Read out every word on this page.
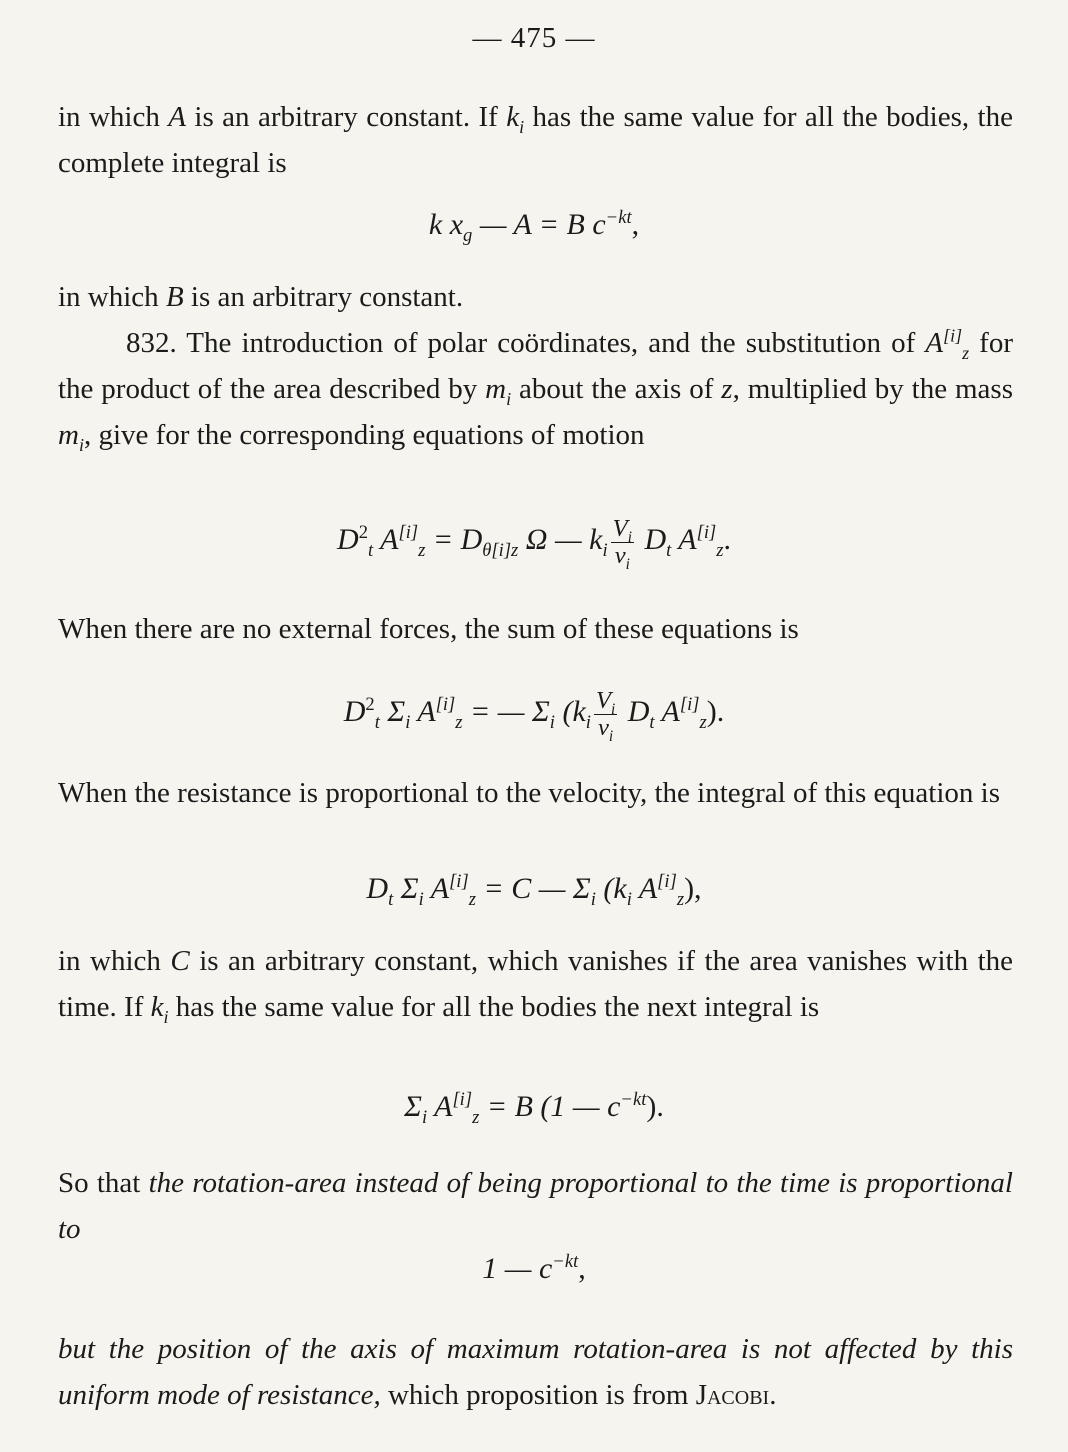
— 475 —
in which A is an arbitrary constant. If $k_i$ has the same value for all the bodies, the complete integral is
k $x_g$ — A = B $c^{-kt}$,
in which B is an arbitrary constant.
832. The introduction of polar coördinates, and the substitution of $A[i]_z$ for the product of the area described by $m_i$ about the axis of z, multiplied by the mass $m_i$, give for the corresponding equations of motion
$D^2_t$ $A[i]_z = D_{\theta[i]z}$ Ω — $k_i \frac{V_i}{v_i} D_t$ $A[i]_z$.
When there are no external forces, the sum of these equations is
$D^2_t$ $\Sigma_i$ $A[i]_z$ = — $\Sigma_i$ ($k_i \frac{V_i}{v_i} D_t$ $A[i]_z$).
When the resistance is proportional to the velocity, the integral of this equation is
$D_t$ $\Sigma_i$ $A[i]_z = C$ — $\Sigma_i$ ($k_i$ $A[i]_z$),
in which C is an arbitrary constant, which vanishes if the area vanishes with the time. If $k_i$ has the same value for all the bodies the next integral is
$\Sigma_i$ $A[i]_z = B$ (1 — $c^{-kt}$).
So that the rotation-area instead of being proportional to the time is proportional to
1 — $c^{-kt}$,
but the position of the axis of maximum rotation-area is not affected by this uniform mode of resistance, which proposition is from Jacobi.
